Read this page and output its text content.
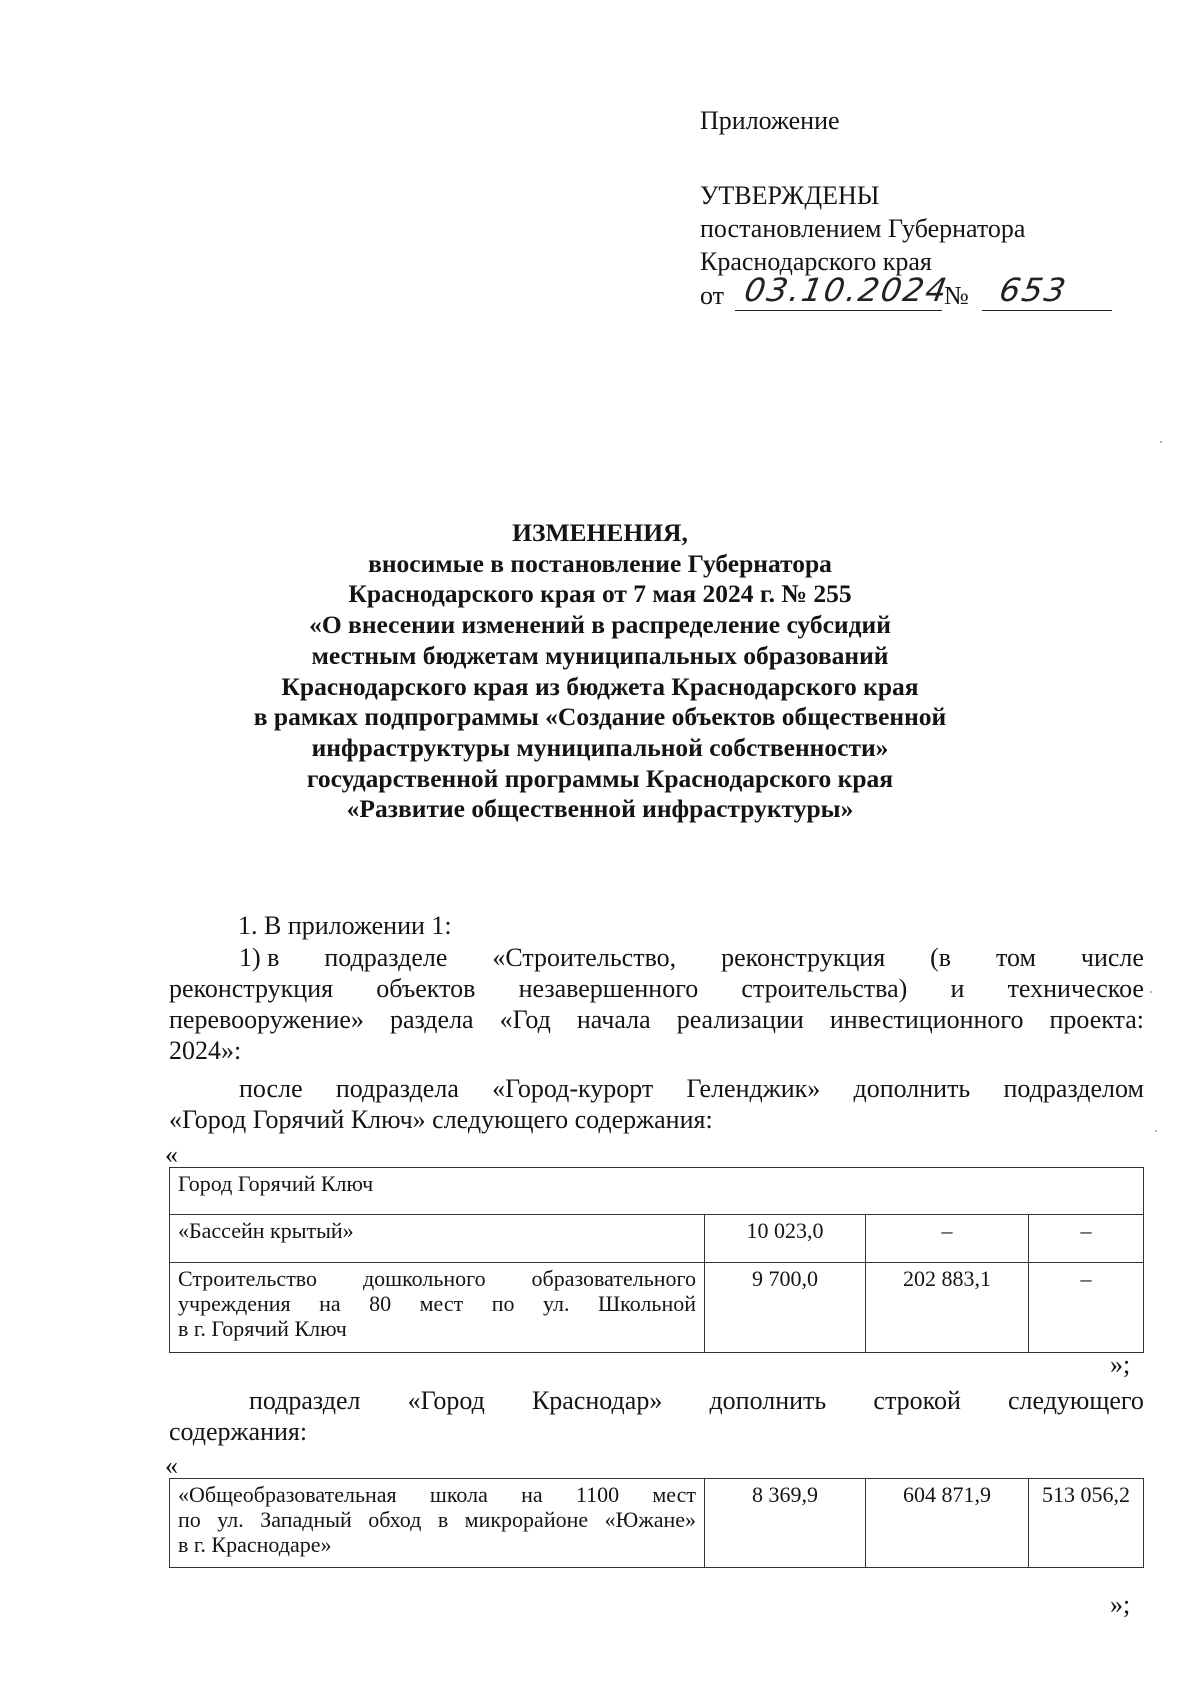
Приложение
УТВЕРЖДЕНЫ
постановлением Губернатора
Краснодарского края
от 03.10.2024
№ 653
ИЗМЕНЕНИЯ,
вносимые в постановление Губернатора
Краснодарского края от 7 мая 2024 г. № 255
«О внесении изменений в распределение субсидий
местным бюджетам муниципальных образований
Краснодарского края из бюджета Краснодарского края
в рамках подпрограммы «Создание объектов общественной
инфраструктуры муниципальной собственности»
государственной программы Краснодарского края
«Развитие общественной инфраструктуры»
1. В приложении 1:
1) в подразделе «Строительство, реконструкция (в том числе
реконструкция объектов незавершенного строительства) и техническое
перевооружение» раздела «Год начала реализации инвестиционного проекта:
2024»:
после подраздела «Город-курорт Геленджик» дополнить подразделом
«Город Горячий Ключ» следующего содержания:
«
Город Горячий Ключ			
«Бассейн крытый»	10 023,0	–	–

Строительство дошкольного образовательного
учреждения на 80 мест по ул. Школьной
в г. Горячий Ключ	9 700,0	202 883,1	–
»;
подраздел «Город Краснодар» дополнить строкой следующего
содержания:
«
«Общеобразовательная школа на 1100 мест
по ул. Западный обход в микрорайоне «Южане»
в г. Краснодаре»	8 369,9	604 871,9	513 056,2
»;
